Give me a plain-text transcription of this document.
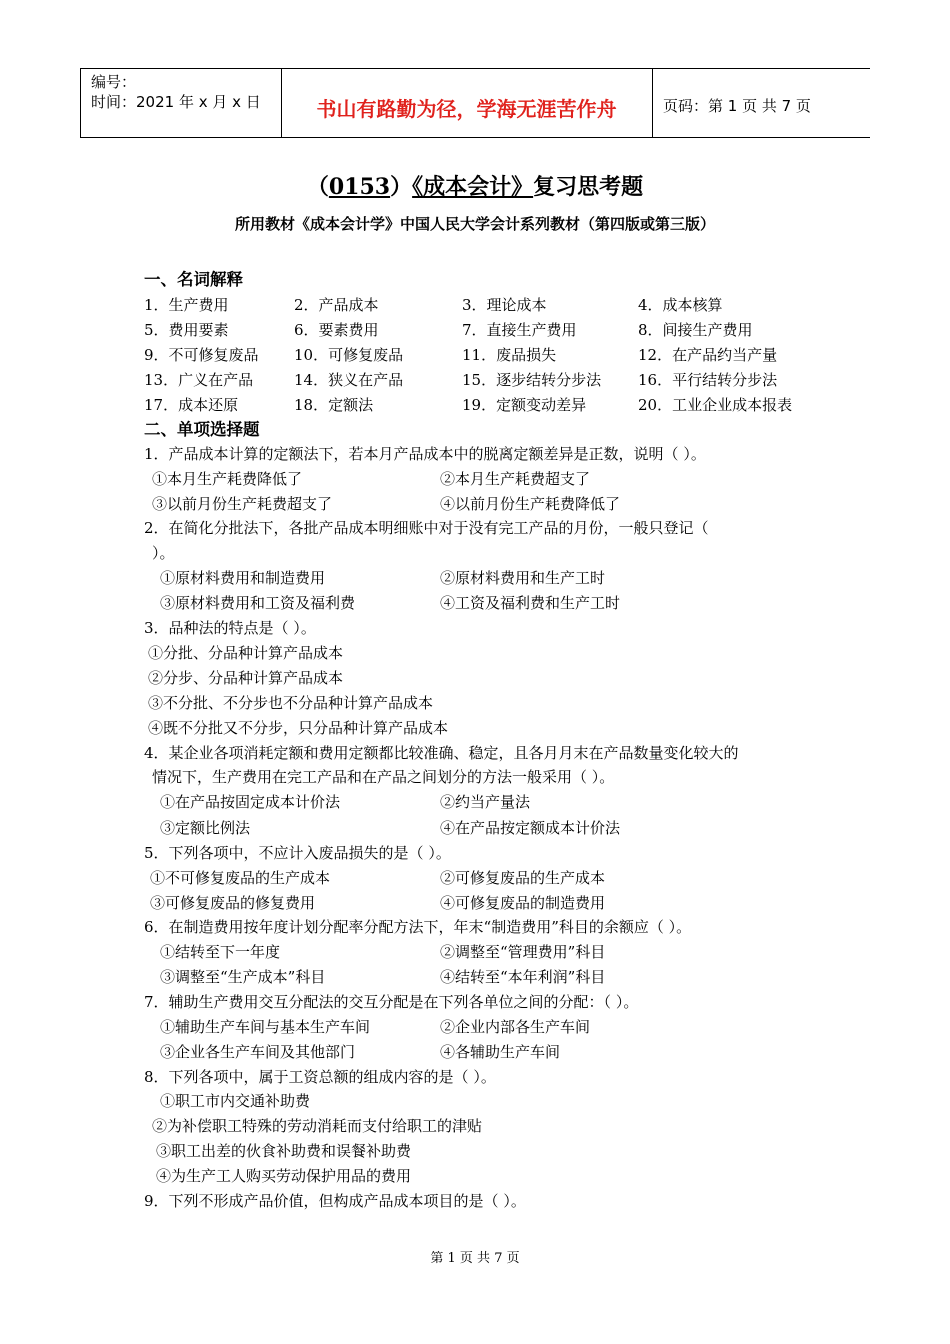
编号：
时间：2021 年 x 月 x 日	书山有路勤为径，学海无涯苦作舟	页码：第 1 页 共 7 页
（0153）《成本会计》复习思考题
所用教材《成本会计学》中国人民大学会计系列教材（第四版或第三版）
一、名词解释
1．生产费用	2．产品成本	3．理论成本	4．成本核算
5．费用要素	6．要素费用	7．直接生产费用	8．间接生产费用
9．不可修复废品 10．可修复废品	11．废品损失	12．在产品约当产量
13．广义在产品	14．狭义在产品	15．逐步结转分步法 16．平行结转分步法
17．成本还原	18．定额法	19．定额变动差异	20．工业企业成本报表
二、单项选择题
1．产品成本计算的定额法下，若本月产品成本中的脱离定额差异是正数，说明（ ）。
①本月生产耗费降低了	②本月生产耗费超支了
③以前月份生产耗费超支了	④以前月份生产耗费降低了
2．在简化分批法下，各批产品成本明细账中对于没有完工产品的月份，一般只登记（
）。
①原材料费用和制造费用	②原材料费用和生产工时
③原材料费用和工资及福利费	④工资及福利费和生产工时
3．品种法的特点是（ ）。
①分批、分品种计算产品成本
②分步、分品种计算产品成本
③不分批、不分步也不分品种计算产品成本
④既不分批又不分步，只分品种计算产品成本
4．某企业各项消耗定额和费用定额都比较准确、稳定，且各月月末在产品数量变化较大的
情况下，生产费用在完工产品和在产品之间划分的方法一般采用（ ）。
①在产品按固定成本计价法	②约当产量法
③定额比例法	④在产品按定额成本计价法
5．下列各项中，不应计入废品损失的是（ ）。
①不可修复废品的生产成本	②可修复废品的生产成本
③可修复废品的修复费用	④可修复废品的制造费用
6．在制造费用按年度计划分配率分配方法下，年末“制造费用”科目的余额应（ ）。
①结转至下一年度	②调整至“管理费用”科目
③调整至“生产成本”科目	④结转至“本年利润”科目
7．辅助生产费用交互分配法的交互分配是在下列各单位之间的分配：（ ）。
①辅助生产车间与基本生产车间	②企业内部各生产车间
③企业各生产车间及其他部门	④各辅助生产车间
8．下列各项中，属于工资总额的组成内容的是（ ）。
①职工市内交通补助费
②为补偿职工特殊的劳动消耗而支付给职工的津贴
③职工出差的伙食补助费和误餐补助费
④为生产工人购买劳动保护用品的费用
9．下列不形成产品价值，但构成产品成本项目的是（ ）。
第 1 页 共 7 页
